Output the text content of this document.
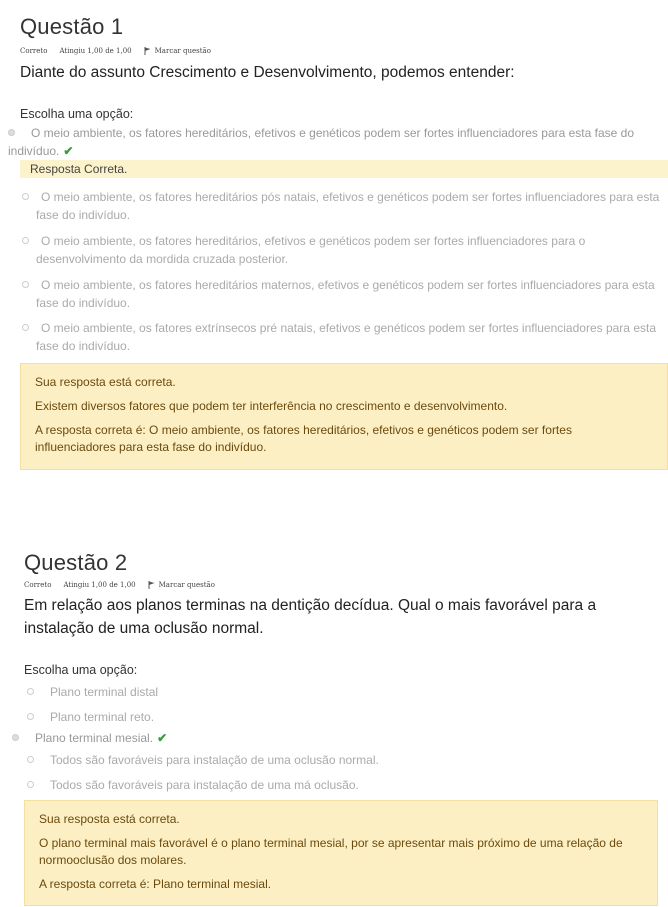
Questão 1
Correto Atingiu 1,00 de 1,00	Marcar questão
Diante do assunto Crescimento e Desenvolvimento, podemos entender:
Escolha uma opção:
O meio ambiente, os fatores hereditários, efetivos e genéticos podem ser fortes influenciadores para esta fase do indivíduo. ✔
Resposta Correta.
O meio ambiente, os fatores hereditários pós natais, efetivos e genéticos podem ser fortes influenciadores para esta fase do indivíduo.
O meio ambiente, os fatores hereditários, efetivos e genéticos podem ser fortes influenciadores para o desenvolvimento da mordida cruzada posterior.
O meio ambiente, os fatores hereditários maternos, efetivos e genéticos podem ser fortes influenciadores para esta fase do indivíduo.
O meio ambiente, os fatores extrínsecos pré natais, efetivos e genéticos podem ser fortes influenciadores para esta fase do indivíduo.

Sua resposta está correta.

Existem diversos fatores que podem ter interferência no crescimento e desenvolvimento.

A resposta correta é: O meio ambiente, os fatores hereditários, efetivos e genéticos podem ser fortes influenciadores para esta fase do indivíduo.

Questão 2
Correto Atingiu 1,00 de 1,00	Marcar questão
Em relação aos planos terminas na dentição decídua. Qual o mais favorável para a instalação de uma oclusão normal.
Escolha uma opção:
Plano terminal distal
Plano terminal reto.
Plano terminal mesial. ✔
Todos são favoráveis para instalação de uma oclusão normal.
Todos são favoráveis para instalação de uma má oclusão.

Sua resposta está correta.

O plano terminal mais favorável é o plano terminal mesial, por se apresentar mais próximo de uma relação de normooclusão dos molares.

A resposta correta é: Plano terminal mesial.
